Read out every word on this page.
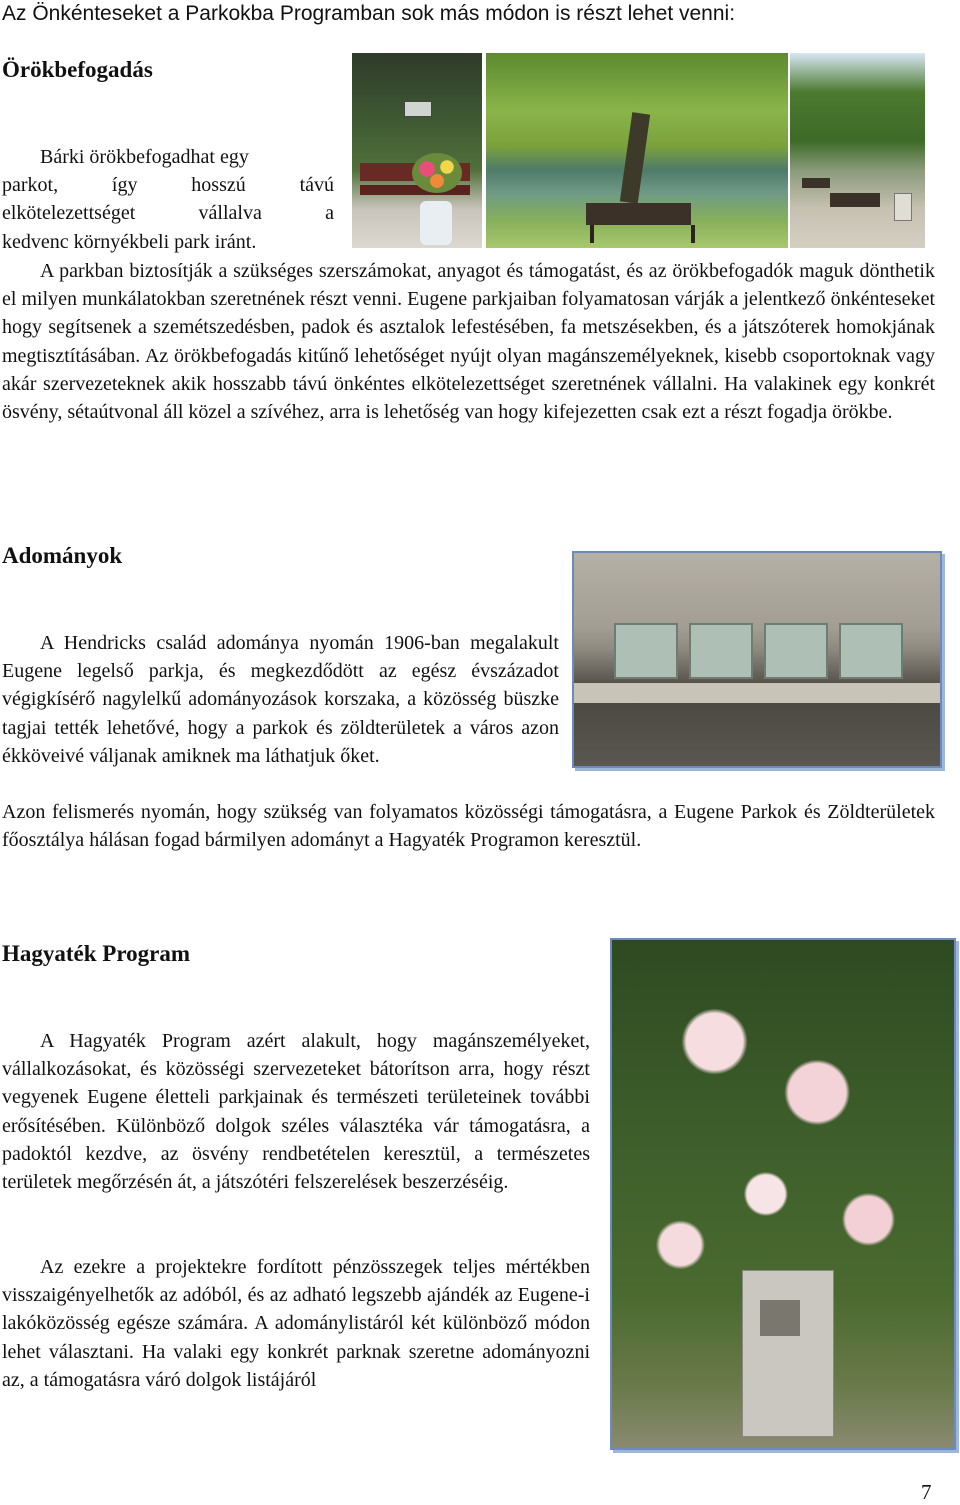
Az Önkénteseket a Parkokba Programban sok más módon is részt lehet venni:
Örökbefogadás

Bárki örökbefogadhat egy

parkot, így hosszú távú

elkötelezettséget vállalva a

kedvenc környékbeli park iránt.

A parkban biztosítják a szükséges szerszámokat, anyagot és támogatást, és az örökbefogadók maguk dönthetik el milyen munkálatokban szeretnének részt venni. Eugene parkjaiban folyamatosan várják a jelentkező önkénteseket hogy segítsenek a szemétszedésben, padok és asztalok lefestésében, fa metszésekben, és a játszóterek homokjának megtisztításában. Az örökbefogadás kitűnő lehetőséget nyújt olyan magánszemélyeknek, kisebb csoportoknak vagy akár szervezeteknek akik hosszabb távú önkéntes elkötelezettséget szeretnének vállalni. Ha valakinek egy konkrét ösvény, sétaútvonal áll közel a szívéhez, arra is lehetőség van hogy kifejezetten csak ezt a részt fogadja örökbe.

Adományok

A Hendricks család adománya nyomán 1906-ban megalakult Eugene legelső parkja, és megkezdődött az egész évszázadot végigkísérő nagylelkű adományozások korszaka, a közösség büszke tagjai tették lehetővé, hogy a parkok és zöldterületek a város azon ékköveivé váljanak amiknek ma láthatjuk őket.

Azon felismerés nyomán, hogy szükség van folyamatos közösségi támogatásra, a Eugene Parkok és Zöldterületek főosztálya hálásan fogad bármilyen adományt a Hagyaték Programon keresztül.

Hagyaték Program

A Hagyaték Program azért alakult, hogy magánszemélyeket, vállalkozásokat, és közösségi szervezeteket bátorítson arra, hogy részt vegyenek Eugene életteli parkjainak és természeti területeinek további erősítésében. Különböző dolgok széles választéka vár támogatásra, a padoktól kezdve, az ösvény rendbetételen keresztül, a természetes területek megőrzésén át, a játszótéri felszerelések beszerzéséig.

Az ezekre a projektekre fordított pénzösszegek teljes mértékben visszaigényelhetők az adóból, és az adható legszebb ajándék az Eugene-i lakóközösség egésze számára. A adománylistáról két különböző módon lehet választani. Ha valaki egy konkrét parknak szeretne adományozni az, a támogatásra váró dolgok listájáról

7
